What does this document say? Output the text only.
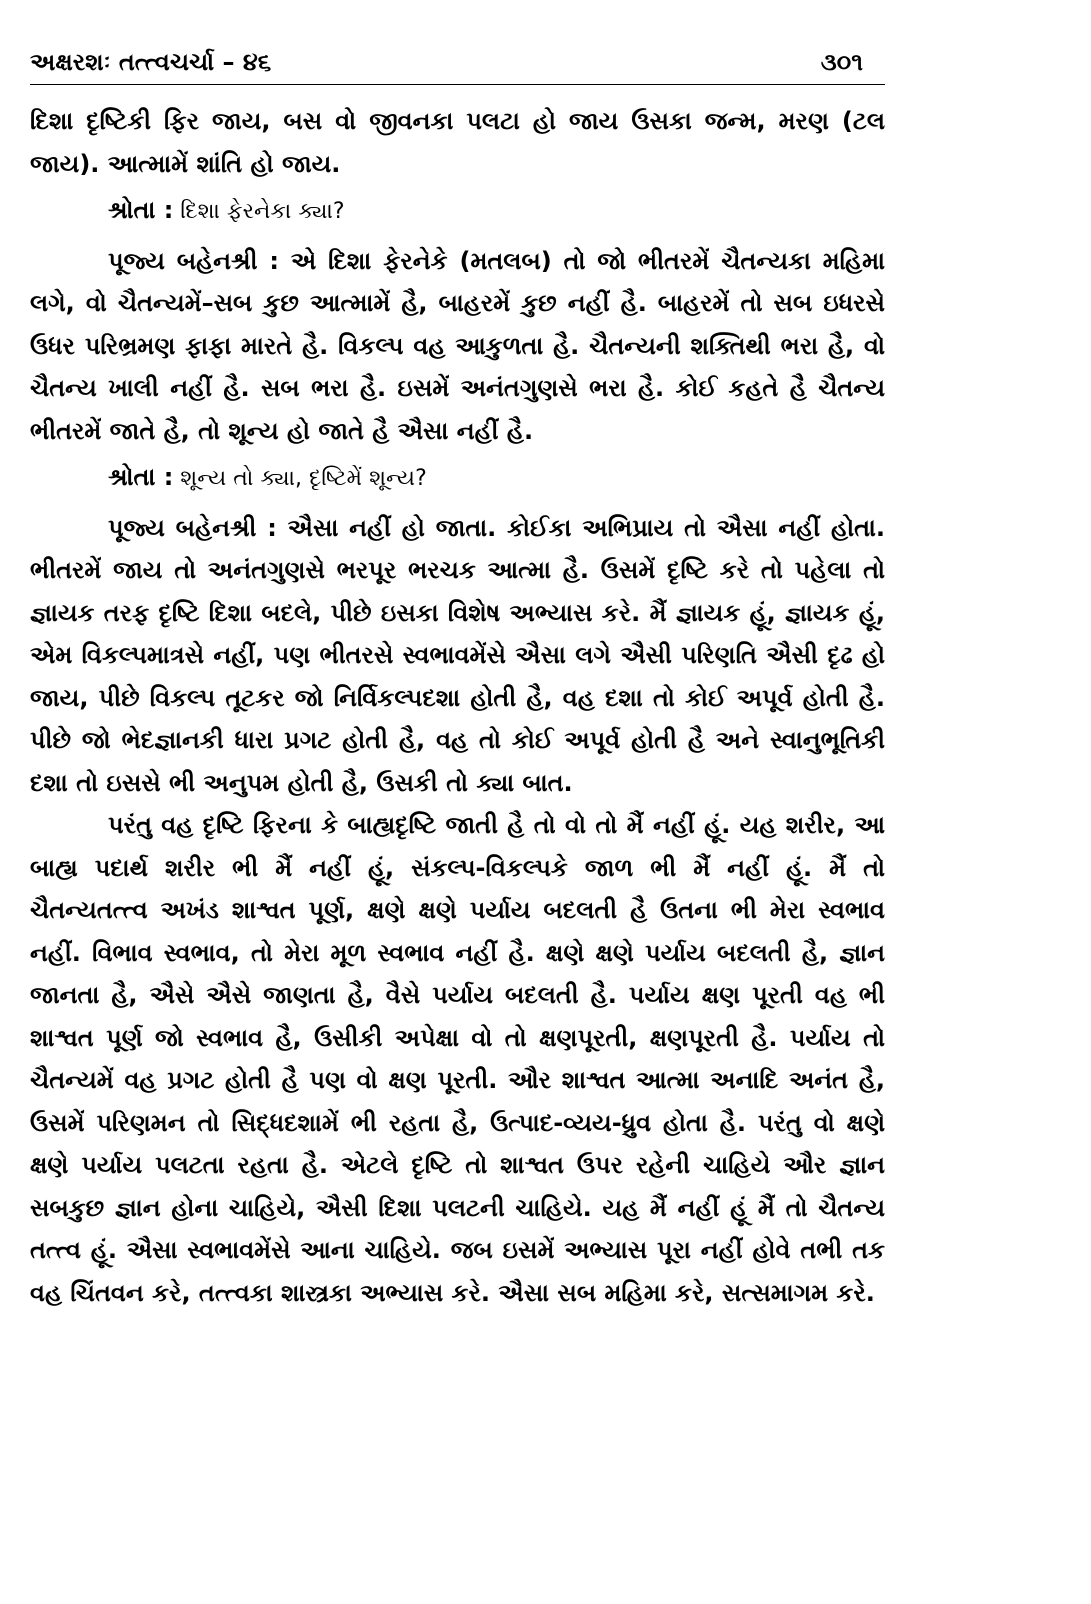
અક્ષરશઃ તત્ત્વચર્ચા – ૪૬	૩૦૧

દિશા દૃષ્ટિકી ફિર જાય, બસ વો જીવનકા પલટા હો જાય ઉસકા જન્મ, મરણ (ટલ જાય). આત્મામેં શાંતિ હો જાય.

શ્રોતા : દિશા ફેરનેકા ક્યા?

પૂજ્ય બહેનશ્રી : એ દિશા ફેરનેકે (મતલબ) તો જો ભીતરમેં ચૈતન્યકા મહિમા લગે, વો ચૈતન્યમેં–સબ કુછ આત્મામેં હૈ, બાહરમેં કુછ નહીં હૈ. બાહરમેં તો સબ ઇધરસે ઉધર પરિભ્રમણ ફાફા મારતે હૈ. વિકલ્પ વહ આકુળતા હૈ. ચૈતન્યની શક્તિથી ભરા હૈ, વો ચૈતન્ય ખાલી નહીં હૈ. સબ ભરા હૈ. ઇસમેં અનંતગુણસે ભરા હૈ. કોઈ કહતે હૈ ચૈતન્ય ભીતરમેં જાતે હૈ, તો શૂન્ય હો જાતે હૈ ઐસા નહીં હૈ.

શ્રોતા : શૂન્ય તો ક્યા, દૃષ્ટિમેં શૂન્ય?

પૂજ્ય બહેનશ્રી : ઐસા નહીં હો જાતા. કોઈકા અભિપ્રાય તો ઐસા નહીં હોતા. ભીતરમેં જાય તો અનંતગુણસે ભરપૂર ભરચક આત્મા હૈ. ઉસમેં દૃષ્ટિ કરે તો પહેલા તો જ્ઞાયક તરફ દૃષ્ટિ દિશા બદલે, પીછે ઇસકા વિશેષ અભ્યાસ કરે. મૈં જ્ઞાયક હૂં, જ્ઞાયક હૂં, એમ વિકલ્પમાત્રસે નહીં, પણ ભીતરસે સ્વભાવમેંસે ઐસા લગે ઐસી પરિણતિ ઐસી દૃઢ હો જાય, પીછે વિકલ્પ તૂટકર જો નિર્વિકલ્પદશા હોતી હૈ, વહ દશા તો કોઈ અપૂર્વ હોતી હૈ. પીછે જો ભેદજ્ઞાનકી ધારા પ્રગટ હોતી હૈ, વહ તો કોઈ અપૂર્વ હોતી હૈ અને સ્વાનુભૂતિકી દશા તો ઇસસે ભી અનુપમ હોતી હૈ, ઉસકી તો ક્યા બાત.

પરંતુ વહ દૃષ્ટિ ફિરના કે બાહ્યદૃષ્ટિ જાતી હૈ તો વો તો મૈં નહીં હૂં. યહ શરીર, આ બાહ્ય પદાર્થ શરીર ભી મૈં નહીં હૂં, સંકલ્પ-વિકલ્પકે જાળ ભી મૈં નહીં હૂં. મૈં તો ચૈતન્યતત્ત્વ અખંડ શાશ્વત પૂર્ણ, ક્ષણે ક્ષણે પર્યાય બદલતી હૈ ઉતના ભી મેરા સ્વભાવ નહીં. વિભાવ સ્વભાવ, તો મેરા મૂળ સ્વભાવ નહીં હૈ. ક્ષણે ક્ષણે પર્યાય બદલતી હૈ, જ્ઞાન જાનતા હૈ, ઐસે ઐસે જાણતા હૈ, વૈસે પર્યાય બદલતી હૈ. પર્યાય ક્ષણ પૂરતી વહ ભી શાશ્વત પૂર્ણ જો સ્વભાવ હૈ, ઉસીકી અપેક્ષા વો તો ક્ષણપૂરતી, ક્ષણપૂરતી હૈ. પર્યાય તો ચૈતન્યમેં વહ પ્રગટ હોતી હૈ પણ વો ક્ષણ પૂરતી. ઔર શાશ્વત આત્મા અનાદિ અનંત હૈ, ઉસમેં પરિણમન તો સિદ્ધદશામેં ભી રહતા હૈ, ઉત્પાદ-વ્યય-ધ્રુવ હોતા હૈ. પરંતુ વો ક્ષણે ક્ષણે પર્યાય પલટતા રહતા હૈ. એટલે દૃષ્ટિ તો શાશ્વત ઉપર રહેની ચાહિયે ઔર જ્ઞાન સબકુછ જ્ઞાન હોના ચાહિયે, ઐસી દિશા પલટની ચાહિયે. યહ મૈં નહીં હૂં મૈં તો ચૈતન્ય તત્ત્વ હૂં. ઐસા સ્વભાવમેંસે આના ચાહિયે. જબ ઇસમેં અભ્યાસ પૂરા નહીં હોવે તભી તક વહ ચિંતવન કરે, તત્ત્વકા શાસ્ત્રકા અભ્યાસ કરે. ઐસા સબ મહિમા કરે, સત્સમાગમ કરે.
